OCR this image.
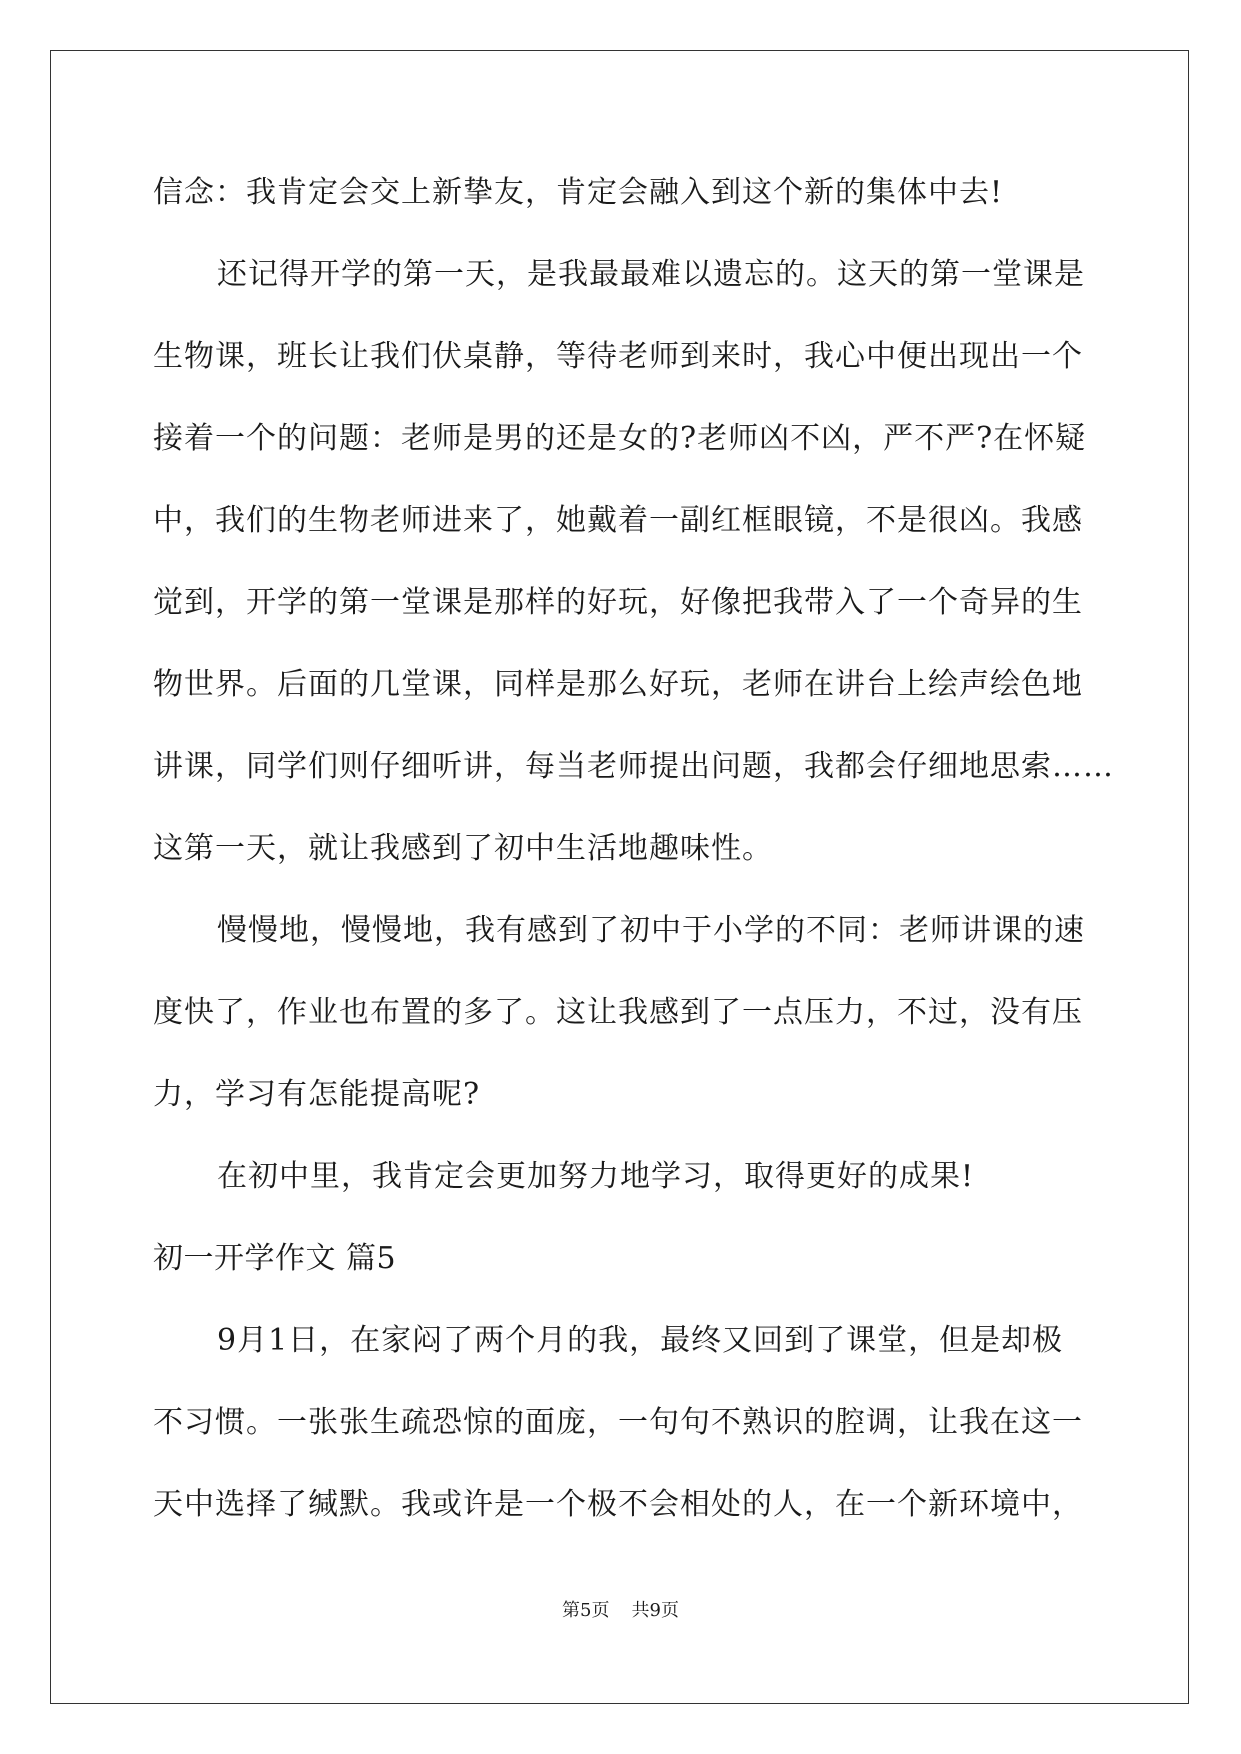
信念：我肯定会交上新挚友，肯定会融入到这个新的集体中去!
还记得开学的第一天，是我最最难以遗忘的。这天的第一堂课是
生物课，班长让我们伏桌静，等待老师到来时，我心中便出现出一个
接着一个的问题：老师是男的还是女的?老师凶不凶，严不严?在怀疑
中，我们的生物老师进来了，她戴着一副红框眼镜，不是很凶。我感
觉到，开学的第一堂课是那样的好玩，好像把我带入了一个奇异的生
物世界。后面的几堂课，同样是那么好玩，老师在讲台上绘声绘色地
讲课，同学们则仔细听讲，每当老师提出问题，我都会仔细地思索……
这第一天，就让我感到了初中生活地趣味性。
慢慢地，慢慢地，我有感到了初中于小学的不同：老师讲课的速
度快了，作业也布置的多了。这让我感到了一点压力，不过，没有压
力，学习有怎能提高呢?
在初中里，我肯定会更加努力地学习，取得更好的成果!
初一开学作文 篇5
9月1日，在家闷了两个月的我，最终又回到了课堂，但是却极
不习惯。一张张生疏恐惊的面庞，一句句不熟识的腔调，让我在这一
天中选择了缄默。我或许是一个极不会相处的人，在一个新环境中，
第5页 共9页
